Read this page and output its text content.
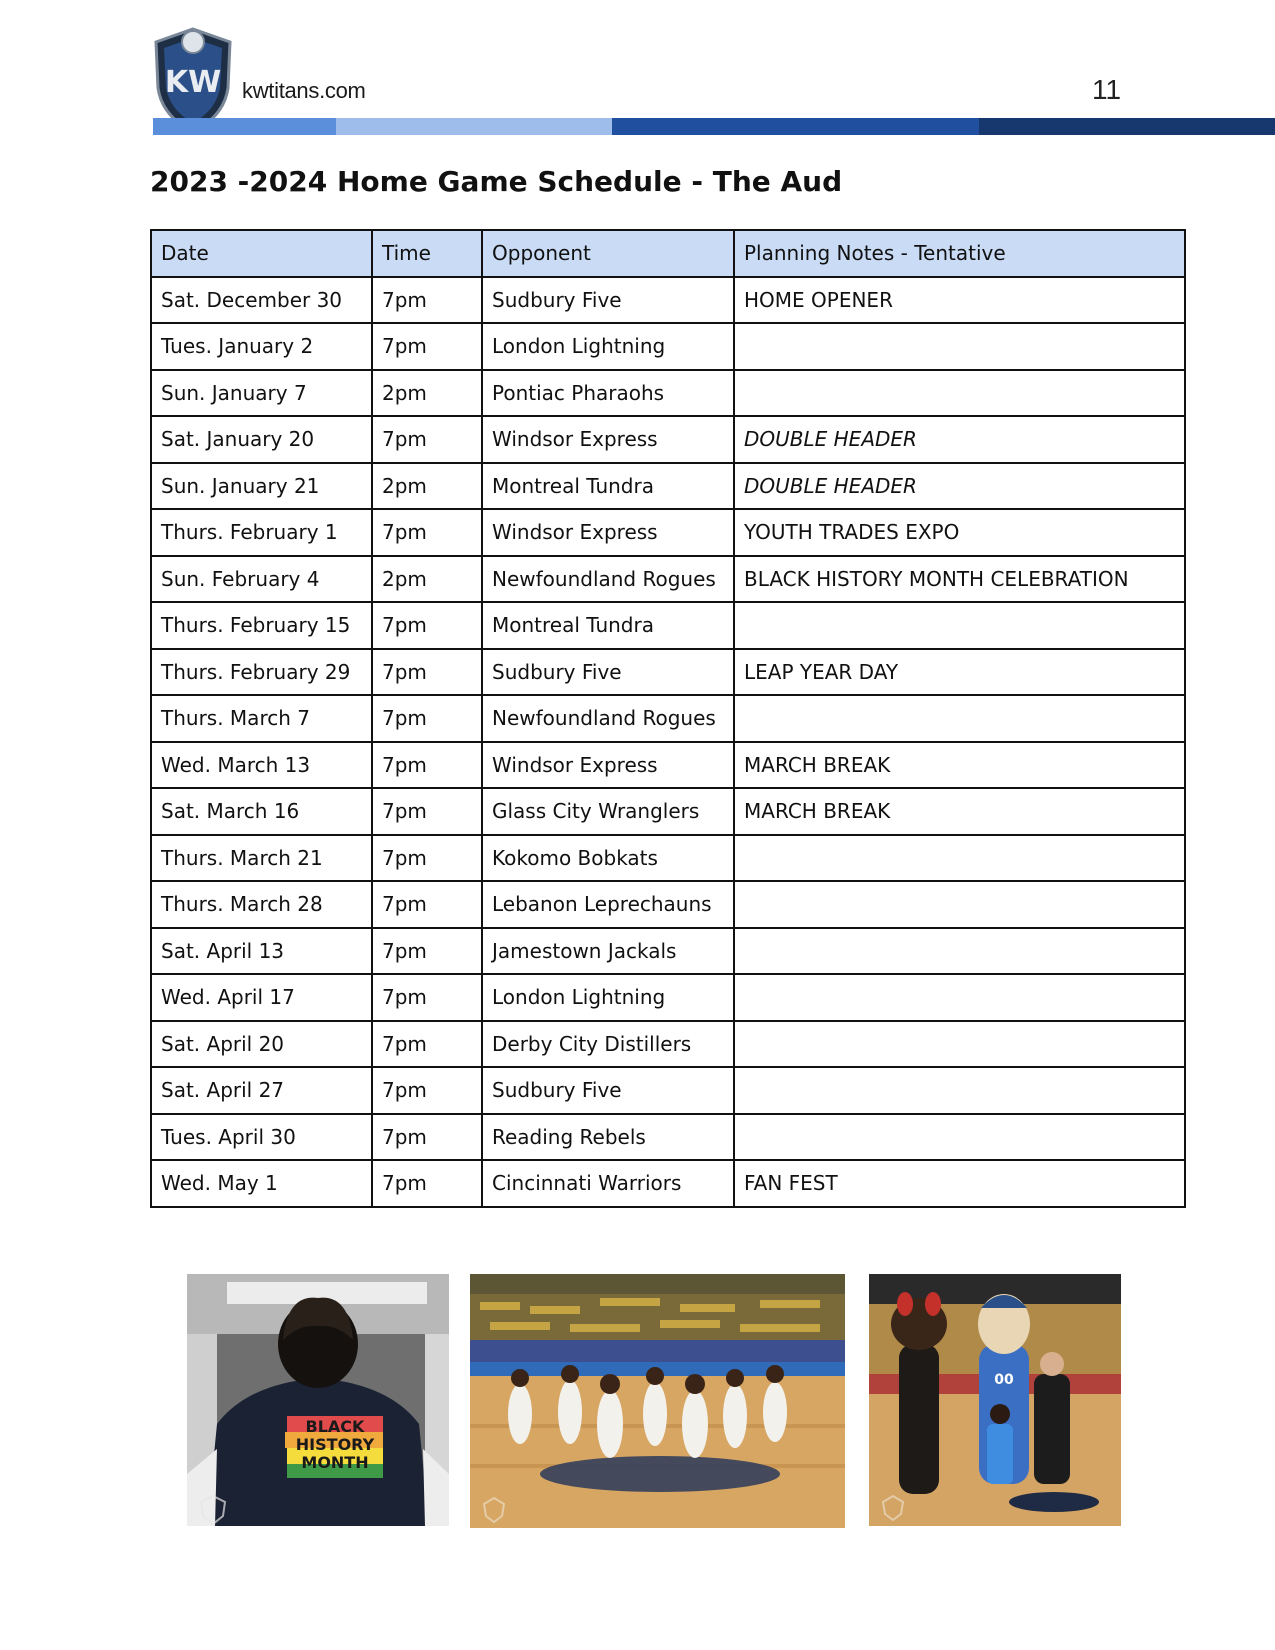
KW kwtitans.com	11
2023 -2024 Home Game Schedule - The Aud
Date	Time	Opponent	Planning Notes - Tentative
Sat. December 30	7pm	Sudbury Five	HOME OPENER
Tues. January 2	7pm	London Lightning	
Sun. January 7	2pm	Pontiac Pharaohs	
Sat. January 20	7pm	Windsor Express	DOUBLE HEADER
Sun. January 21	2pm	Montreal Tundra	DOUBLE HEADER
Thurs. February 1	7pm	Windsor Express	YOUTH TRADES EXPO
Sun. February 4	2pm	Newfoundland Rogues	BLACK HISTORY MONTH CELEBRATION
Thurs. February 15	7pm	Montreal Tundra	
Thurs. February 29	7pm	Sudbury Five	LEAP YEAR DAY
Thurs. March 7	7pm	Newfoundland Rogues	
Wed. March 13	7pm	Windsor Express	MARCH BREAK
Sat. March 16	7pm	Glass City Wranglers	MARCH BREAK
Thurs. March 21	7pm	Kokomo Bobkats	
Thurs. March 28	7pm	Lebanon Leprechauns	
Sat. April 13	7pm	Jamestown Jackals	
Wed. April 17	7pm	London Lightning	
Sat. April 20	7pm	Derby City Distillers	
Sat. April 27	7pm	Sudbury Five	
Tues. April 30	7pm	Reading Rebels	
Wed. May 1	7pm	Cincinnati Warriors	FAN FEST
BLACK
HISTORY
MONTH
00
